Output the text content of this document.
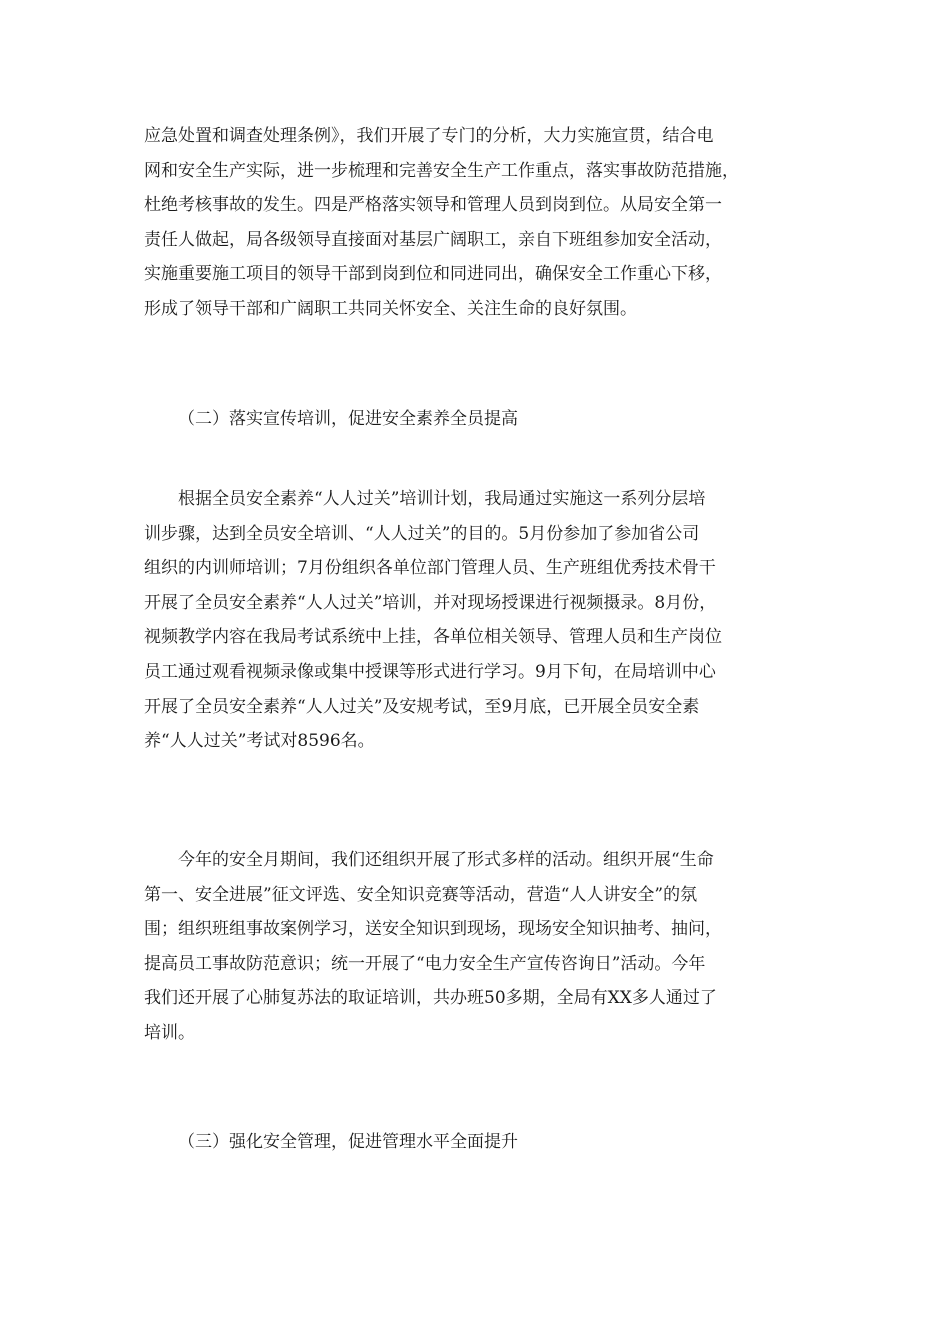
应急处置和调查处理条例》，我们开展了专门的分析，大力实施宣贯，结合电
网和安全生产实际，进一步梳理和完善安全生产工作重点，落实事故防范措施，
杜绝考核事故的发生。四是严格落实领导和管理人员到岗到位。从局安全第一
责任人做起，局各级领导直接面对基层广阔职工，亲自下班组参加安全活动，
实施重要施工项目的领导干部到岗到位和同进同出，确保安全工作重心下移，
形成了领导干部和广阔职工共同关怀安全、关注生命的良好氛围。
（二）落实宣传培训，促进安全素养全员提高
　　根据全员安全素养“人人过关”培训计划，我局通过实施这一系列分层培
训步骤，达到全员安全培训、“人人过关”的目的。5月份参加了参加省公司
组织的内训师培训；7月份组织各单位部门管理人员、生产班组优秀技术骨干
开展了全员安全素养“人人过关”培训，并对现场授课进行视频摄录。8月份，
视频教学内容在我局考试系统中上挂，各单位相关领导、管理人员和生产岗位
员工通过观看视频录像或集中授课等形式进行学习。9月下旬，在局培训中心
开展了全员安全素养“人人过关”及安规考试，至9月底，已开展全员安全素
养“人人过关”考试对8596名。
　　今年的安全月期间，我们还组织开展了形式多样的活动。组织开展“生命
第一、安全进展”征文评选、安全知识竞赛等活动，营造“人人讲安全”的氛
围；组织班组事故案例学习，送安全知识到现场，现场安全知识抽考、抽问，
提高员工事故防范意识；统一开展了“电力安全生产宣传咨询日”活动。今年
我们还开展了心肺复苏法的取证培训，共办班50多期，全局有XX多人通过了
培训。
（三）强化安全管理，促进管理水平全面提升
